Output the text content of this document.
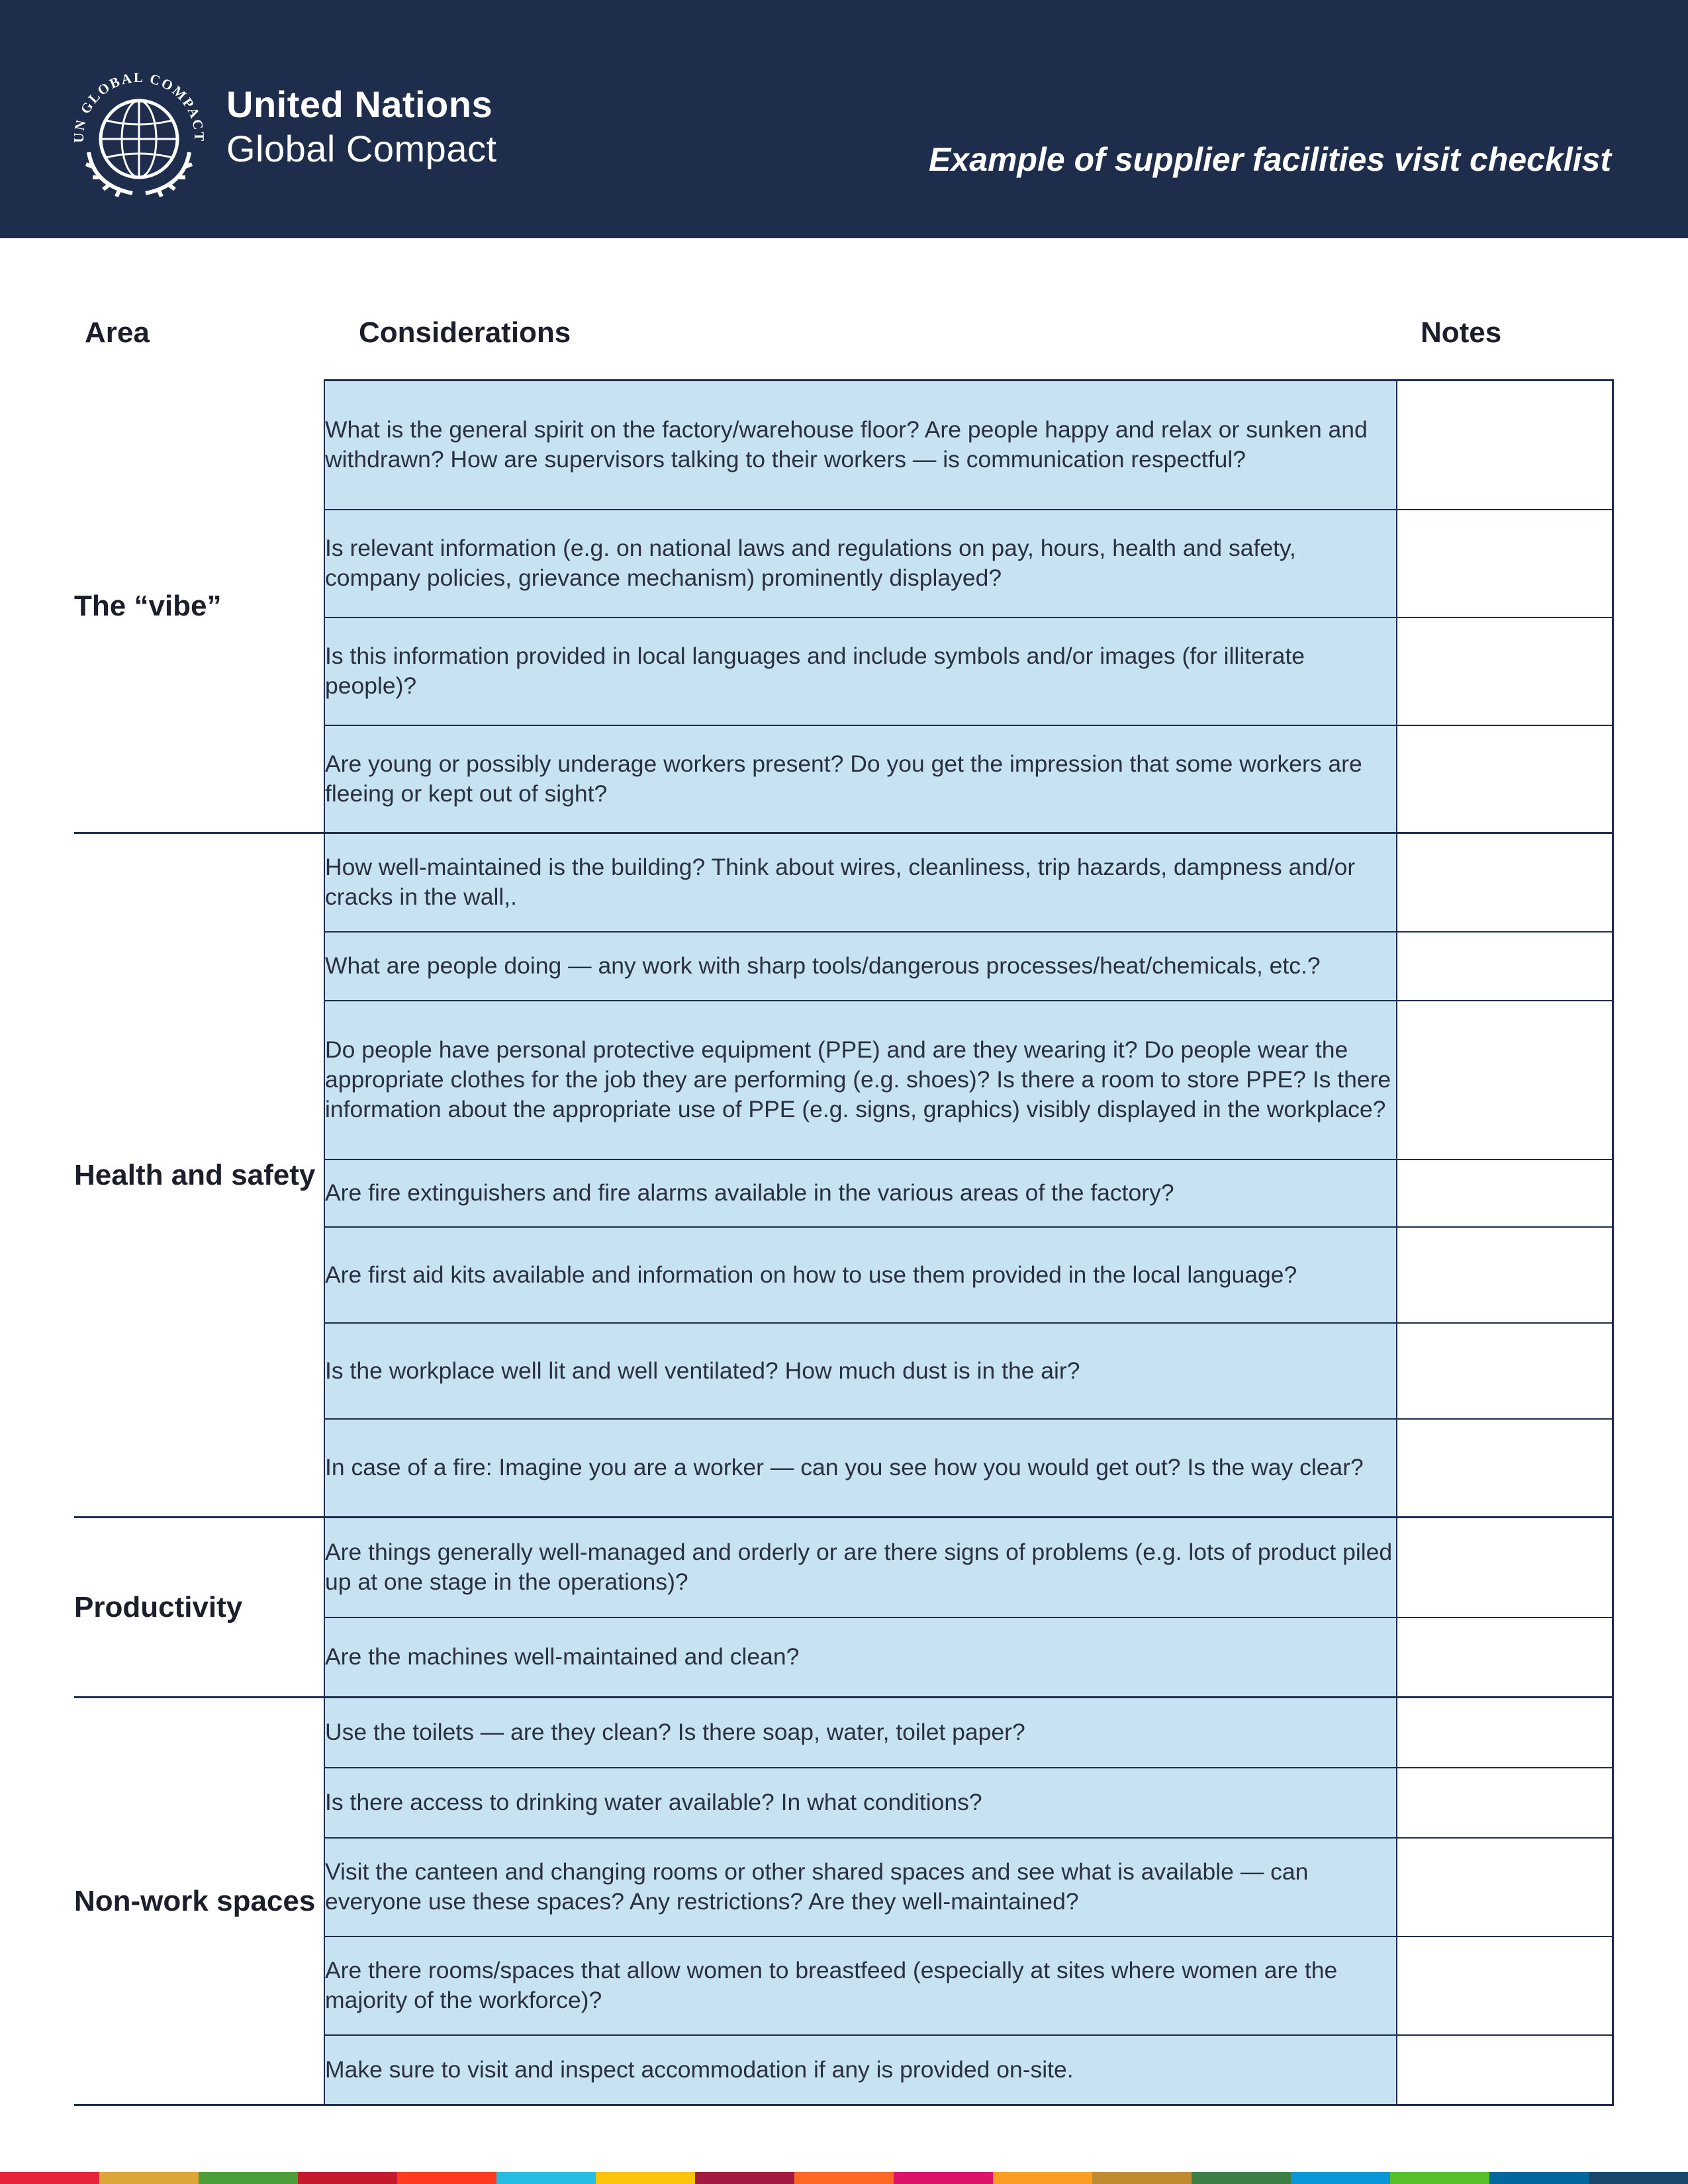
UN GLOBAL COMPACT
United Nations
Global Compact	Example of supplier facilities visit checklist
Area	Considerations	Notes
The “vibe”	What is the general spirit on the factory/warehouse floor? Are people happy and relax or sunken and withdrawn? How are supervisors talking to their workers — is communication respectful?	
	Is relevant information (e.g. on national laws and regulations on pay, hours, health and safety, company policies, grievance mechanism) prominently displayed?	
	Is this information provided in local languages and include symbols and/or images (for illiterate people)?	
	Are young or possibly underage workers present? Do you get the impression that some workers are fleeing or kept out of sight?	
Health and safety	How well-maintained is the building? Think about wires, cleanliness, trip hazards, dampness and/or cracks in the wall,.	
	What are people doing — any work with sharp tools/dangerous processes/heat/chemicals, etc.?	
	Do people have personal protective equipment (PPE) and are they wearing it? Do people wear the appropriate clothes for the job they are performing (e.g. shoes)? Is there a room to store PPE? Is there information about the appropriate use of PPE (e.g. signs, graphics) visibly displayed in the workplace?	
	Are fire extinguishers and fire alarms available in the various areas of the factory?	
	Are first aid kits available and information on how to use them provided in the local language?	
	Is the workplace well lit and well ventilated? How much dust is in the air?	
	In case of a fire: Imagine you are a worker — can you see how you would get out? Is the way clear?	
Productivity	Are things generally well-managed and orderly or are there signs of problems (e.g. lots of product piled up at one stage in the operations)?	
	Are the machines well-maintained and clean?	
Non-work spaces	Use the toilets — are they clean? Is there soap, water, toilet paper?	
	Is there access to drinking water available? In what conditions?	
	Visit the canteen and changing rooms or other shared spaces and see what is available — can everyone use these spaces? Any restrictions? Are they well-maintained?	
	Are there rooms/spaces that allow women to breastfeed (especially at sites where women are the majority of the workforce)?	
	Make sure to visit and inspect accommodation if any is provided on-site.	
